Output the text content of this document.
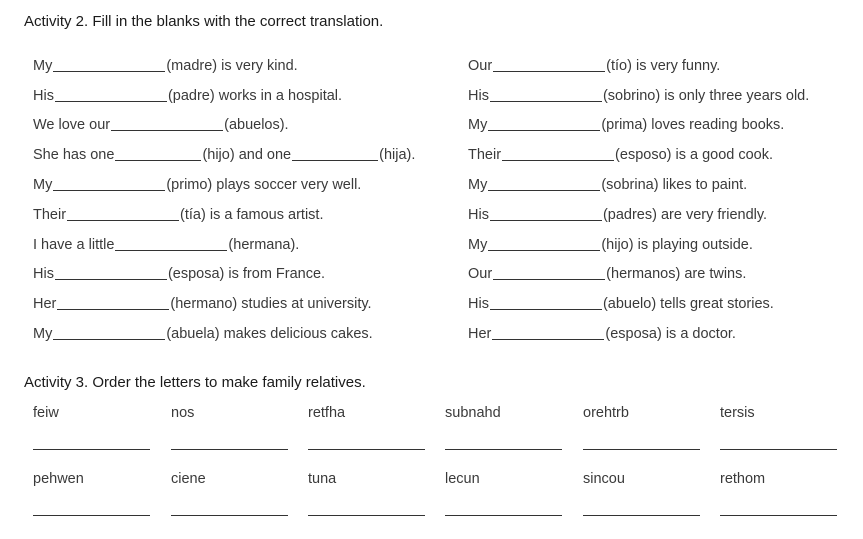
Activity 2. Fill in the blanks with the correct translation.
My	(madre) is very kind.
His	(padre) works in a hospital.
We love our	(abuelos).
She has one	(hijo) and one	(hija).
My	(primo) plays soccer very well.
Their	(tía) is a famous artist.
I have a little	(hermana).
His	(esposa) is from France.
Her	(hermano) studies at university.
My	(abuela) makes delicious cakes.
Our	(tío) is very funny.
His	(sobrino) is only three years old.
My	(prima) loves reading books.
Their	(esposo) is a good cook.
My	(sobrina) likes to paint.
His	(padres) are very friendly.
My	(hijo) is playing outside.
Our	(hermanos) are twins.
His	(abuelo) tells great stories.
Her	(esposa) is a doctor.
Activity 3. Order the letters to make family relatives.
feiw	nos	retfha	subnahd	orehtrb	tersis
pehwen	ciene	tuna	lecun	sincou	rethom
